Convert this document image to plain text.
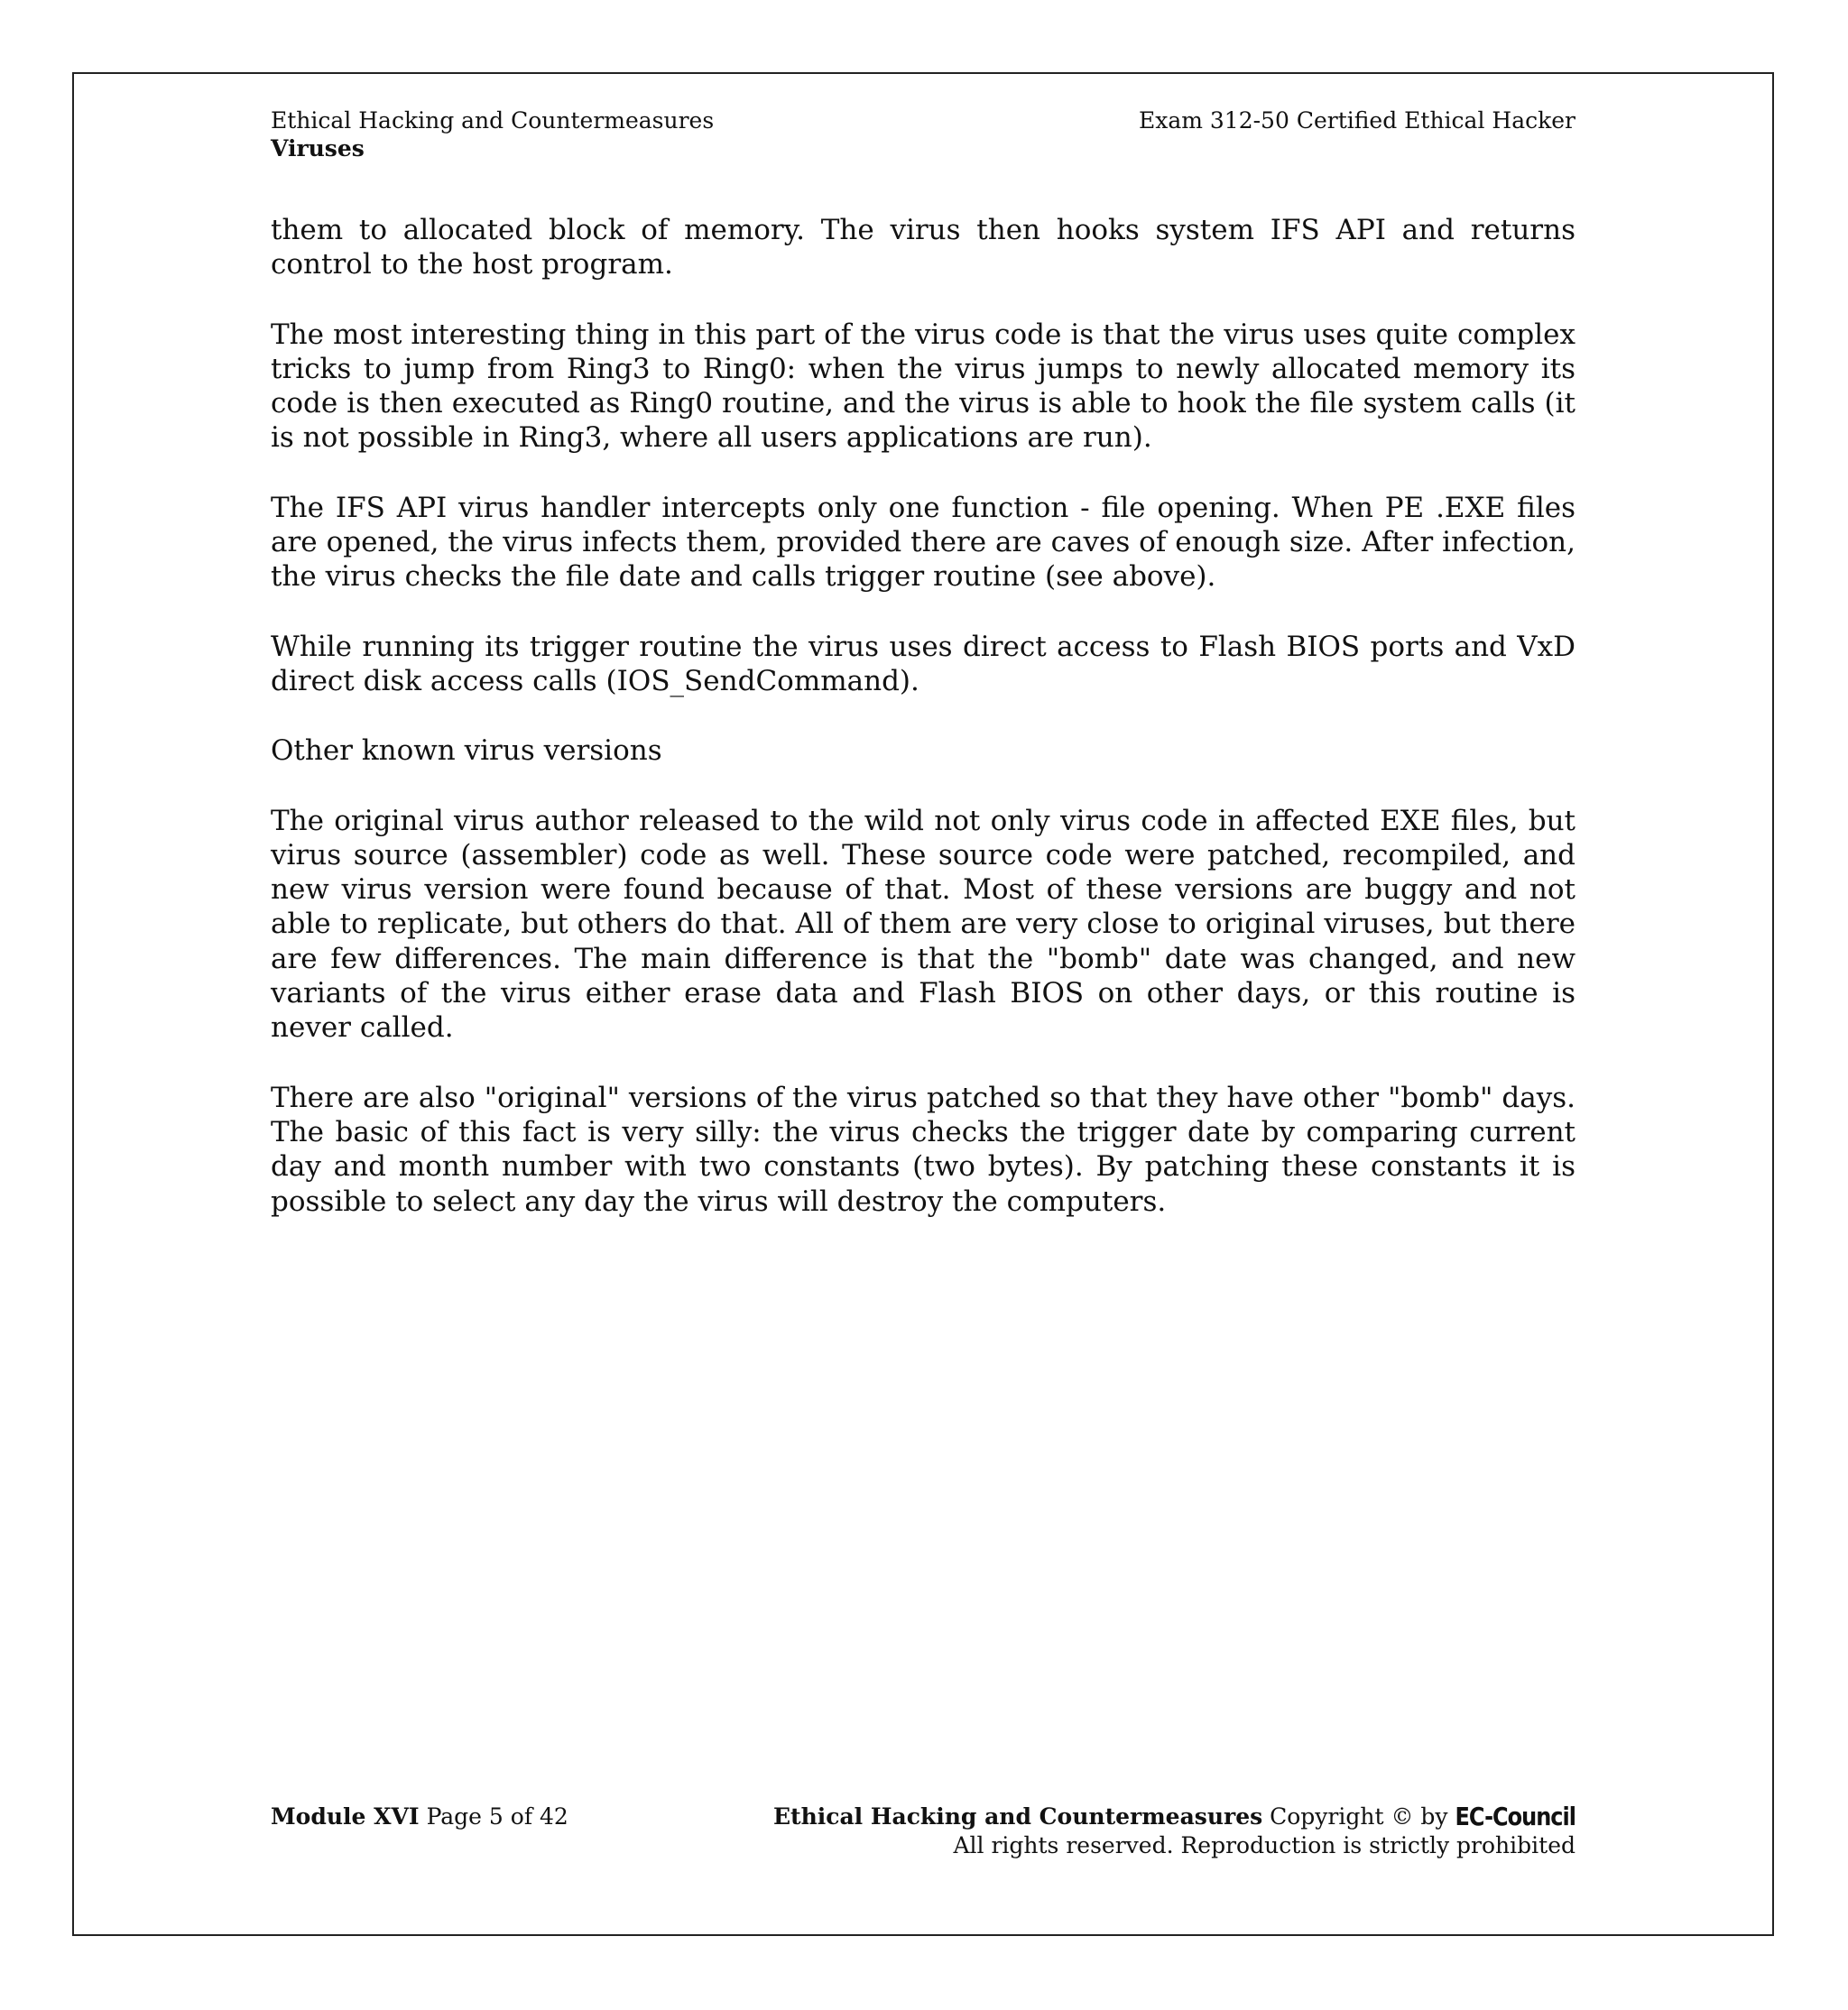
Ethical Hacking and Countermeasures
Viruses
Exam 312-50 Certified Ethical Hacker

them to allocated block of memory. The virus then hooks system IFS API and returns control to the host program.

The most interesting thing in this part of the virus code is that the virus uses quite complex tricks to jump from Ring3 to Ring0: when the virus jumps to newly allocated memory its code is then executed as Ring0 routine, and the virus is able to hook the file system calls (it is not possible in Ring3, where all users applications are run).

The IFS API virus handler intercepts only one function - file opening. When PE .EXE files are opened, the virus infects them, provided there are caves of enough size. After infection, the virus checks the file date and calls trigger routine (see above).

While running its trigger routine the virus uses direct access to Flash BIOS ports and VxD direct disk access calls (IOS_SendCommand).

Other known virus versions

The original virus author released to the wild not only virus code in affected EXE files, but virus source (assembler) code as well. These source code were patched, recompiled, and new virus version were found because of that. Most of these versions are buggy and not able to replicate, but others do that. All of them are very close to original viruses, but there are few differences. The main difference is that the "bomb" date was changed, and new variants of the virus either erase data and Flash BIOS on other days, or this routine is never called.

There are also "original" versions of the virus patched so that they have other "bomb" days. The basic of this fact is very silly: the virus checks the trigger date by comparing current day and month number with two constants (two bytes). By patching these constants it is possible to select any day the virus will destroy the computers.

Module XVI Page 5 of 42	Ethical Hacking and Countermeasures Copyright © by EC-Council
All rights reserved. Reproduction is strictly prohibited
